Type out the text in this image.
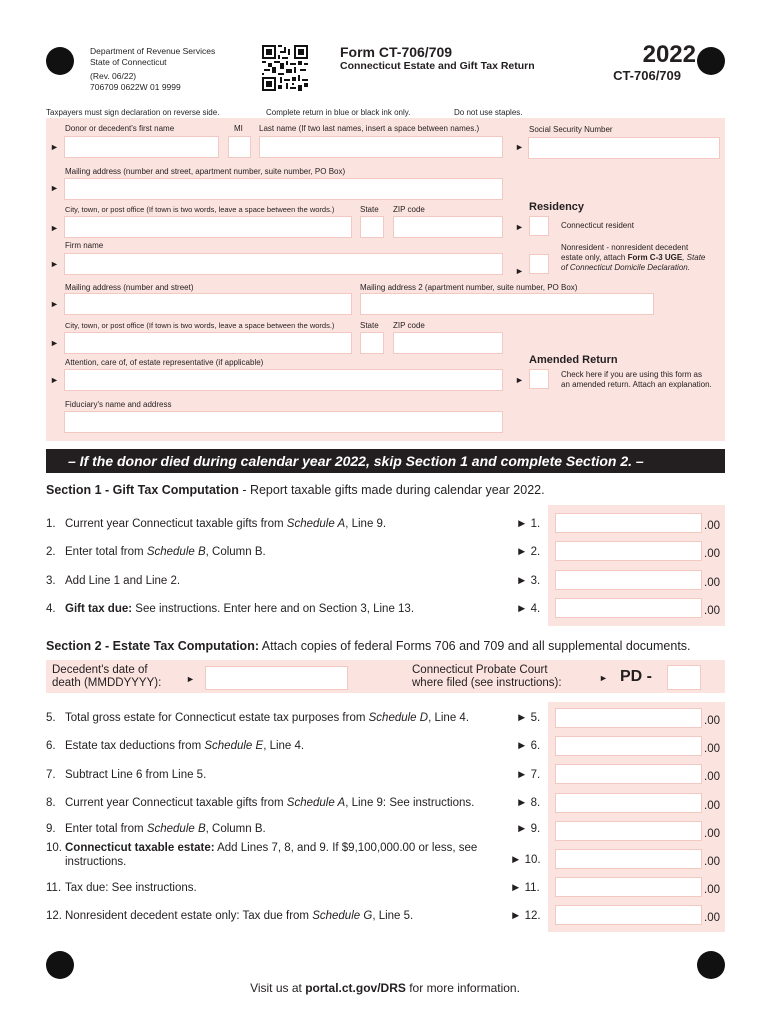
Department of Revenue Services
State of Connecticut
(Rev. 06/22)
706709 0622W 01 9999
Form CT-706/709
Connecticut Estate and Gift Tax Return	2022
CT-706/709
Taxpayers must sign declaration on reverse side.	Complete return in blue or black ink only.	Do not use staples.
Donor or decedent's first name	MI Last name (If two last names, insert a space between names.)	Social Security Number
►	►
Mailing address (number and street, apartment number, suite number, PO Box)
►
City, town, or post office (If town is two words, leave a space between the words.)	State ZIP code
►
Firm name
►
Mailing address (number and street)	Mailing address 2 (apartment number, suite number, PO Box)
►
City, town, or post office (If town is two words, leave a space between the words.)	State ZIP code
►
Attention, care of, of estate representative (if applicable)
►
Fiduciary's name and address
Residency
►	Connecticut resident
►
Nonresident - nonresident decedent
estate only, attach Form C-3 UGE, State
of Connecticut Domicile Declaration.
Amended Return
►
Check here if you are using this form as
an amended return. Attach an explanation.
– If the donor died during calendar year 2022, skip Section 1 and complete Section 2. –
Section 1 - Gift Tax Computation - Report taxable gifts made during calendar year 2022.
1. Current year Connecticut taxable gifts from Schedule A, Line 9.	► 1.	.00
2. Enter total from Schedule B, Column B.	► 2.	.00
3. Add Line 1 and Line 2.	► 3.	.00
4. Gift tax due: See instructions. Enter here and on Section 3, Line 13.	► 4.	.00
Section 2 - Estate Tax Computation: Attach copies of federal Forms 706 and 709 and all supplemental documents.
Decedent's date of
death (MMDDYYYY):	►
Connecticut Probate Court
where filed (see instructions):	► PD -
5. Total gross estate for Connecticut estate tax purposes from Schedule D, Line 4.	► 5.	.00
6. Estate tax deductions from Schedule E, Line 4.	► 6.	.00
7. Subtract Line 6 from Line 5.	► 7.	.00
8. Current year Connecticut taxable gifts from Schedule A, Line 9: See instructions.	► 8.	.00
9. Enter total from Schedule B, Column B.	► 9.	.00
10. Connecticut taxable estate: Add Lines 7, 8, and 9. If $9,100,000.00 or less, see
instructions.	► 10.	.00
11. Tax due: See instructions.	► 11.	.00
12. Nonresident decedent estate only: Tax due from Schedule G, Line 5.	► 12.	.00
Visit us at portal.ct.gov/DRS for more information.
